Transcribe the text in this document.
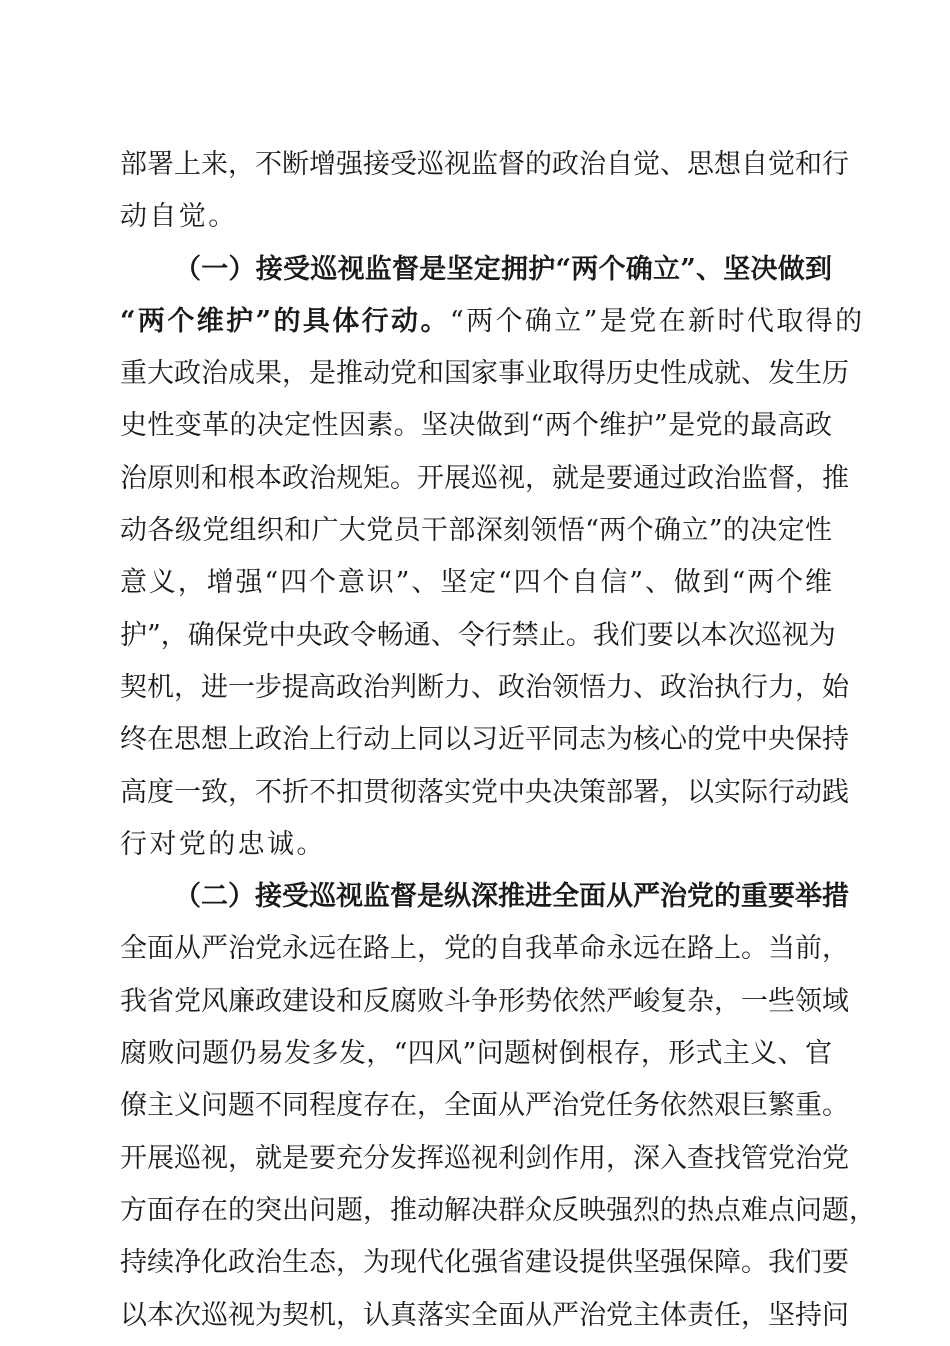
部署上来，不断增强接受巡视监督的政治自觉、思想自觉和行
动自觉。
（一）接受巡视监督是坚定拥护“两个确立”、坚决做到
“两个维护”的具体行动。“两个确立”是党在新时代取得的
重大政治成果，是推动党和国家事业取得历史性成就、发生历
史性变革的决定性因素。坚决做到“两个维护”是党的最高政
治原则和根本政治规矩。开展巡视，就是要通过政治监督，推
动各级党组织和广大党员干部深刻领悟“两个确立”的决定性
意义，增强“四个意识”、坚定“四个自信”、做到“两个维
护”，确保党中央政令畅通、令行禁止。我们要以本次巡视为
契机，进一步提高政治判断力、政治领悟力、政治执行力，始
终在思想上政治上行动上同以习近平同志为核心的党中央保持
高度一致，不折不扣贯彻落实党中央决策部署，以实际行动践
行对党的忠诚。
（二）接受巡视监督是纵深推进全面从严治党的重要举措
全面从严治党永远在路上，党的自我革命永远在路上。当前，
我省党风廉政建设和反腐败斗争形势依然严峻复杂，一些领域
腐败问题仍易发多发，“四风”问题树倒根存，形式主义、官
僚主义问题不同程度存在，全面从严治党任务依然艰巨繁重。
开展巡视，就是要充分发挥巡视利剑作用，深入查找管党治党
方面存在的突出问题，推动解决群众反映强烈的热点难点问题，
持续净化政治生态，为现代化强省建设提供坚强保障。我们要
以本次巡视为契机，认真落实全面从严治党主体责任，坚持问
